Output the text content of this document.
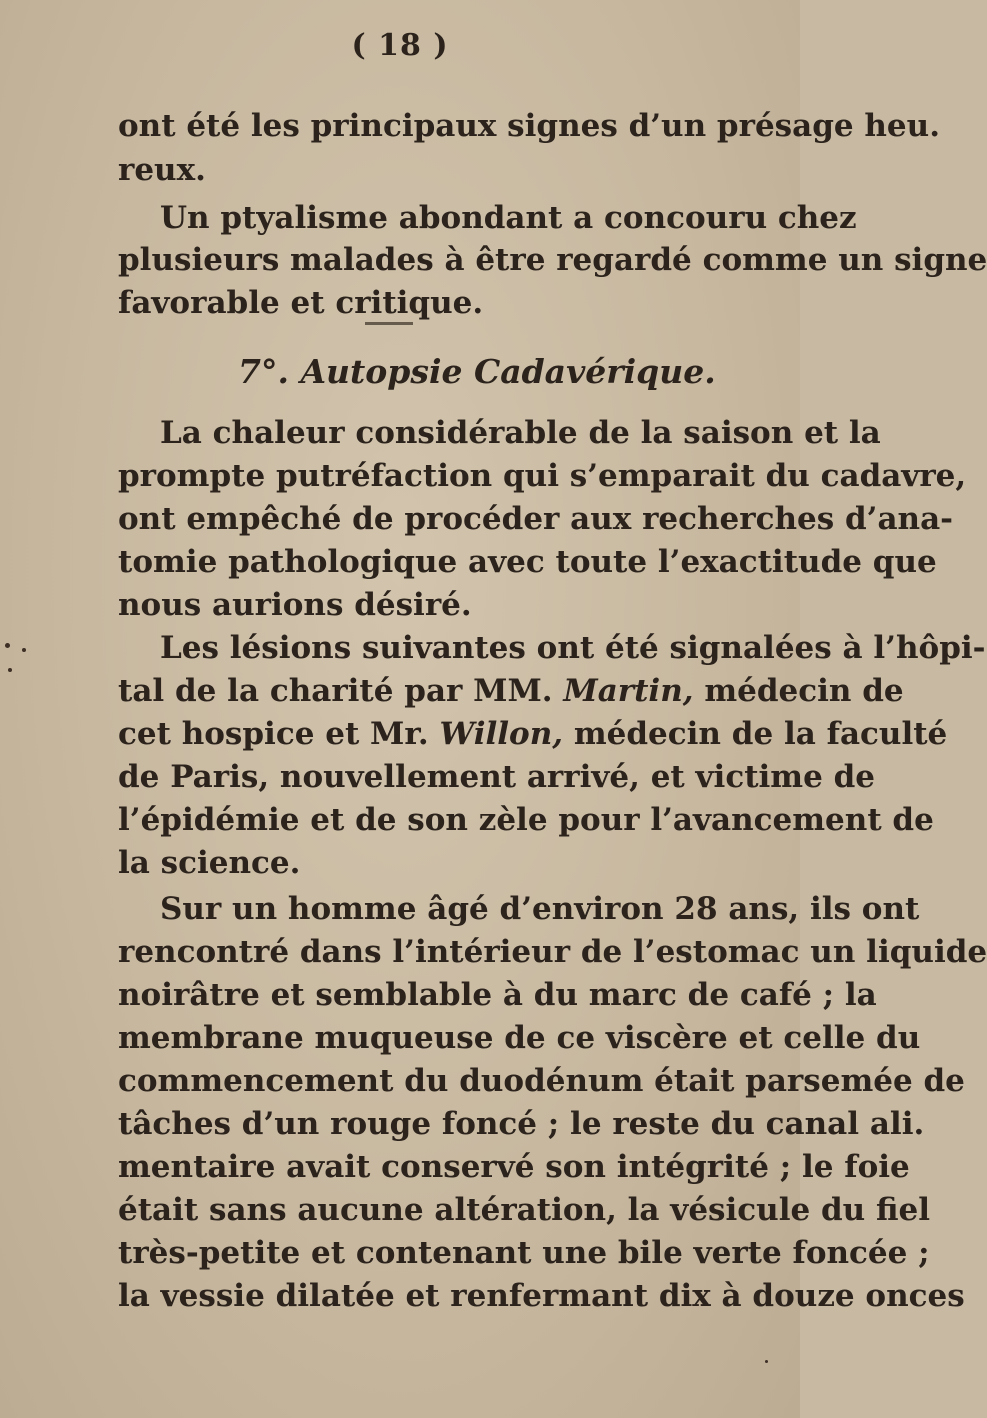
( 18 )
ont été les principaux signes d’un présage heu.
reux.
Un ptyalisme abondant a concouru chez
plusieurs malades à être regardé comme un signe
favorable et critique.
7°. Autopsie Cadavérique.
La chaleur considérable de la saison et la
prompte putréfaction qui s’emparait du cadavre,
ont empêché de procéder aux recherches d’ana-
tomie pathologique avec toute l’exactitude que
nous aurions désiré.
Les lésions suivantes ont été signalées à l’hôpi-
tal de la charité par MM. Martin, médecin de
cet hospice et Mr. Willon, médecin de la faculté
de Paris, nouvellement arrivé, et victime de
l’épidémie et de son zèle pour l’avancement de
la science.
Sur un homme âgé d’environ 28 ans, ils ont
rencontré dans l’intérieur de l’estomac un liquide
noirâtre et semblable à du marc de café ; la
membrane muqueuse de ce viscère et celle du
commencement du duodénum était parsemée de
tâches d’un rouge foncé ; le reste du canal ali.
mentaire avait conservé son intégrité ; le foie
était sans aucune altération, la vésicule du fiel
très-petite et contenant une bile verte foncée ;
la vessie dilatée et renfermant dix à douze onces
